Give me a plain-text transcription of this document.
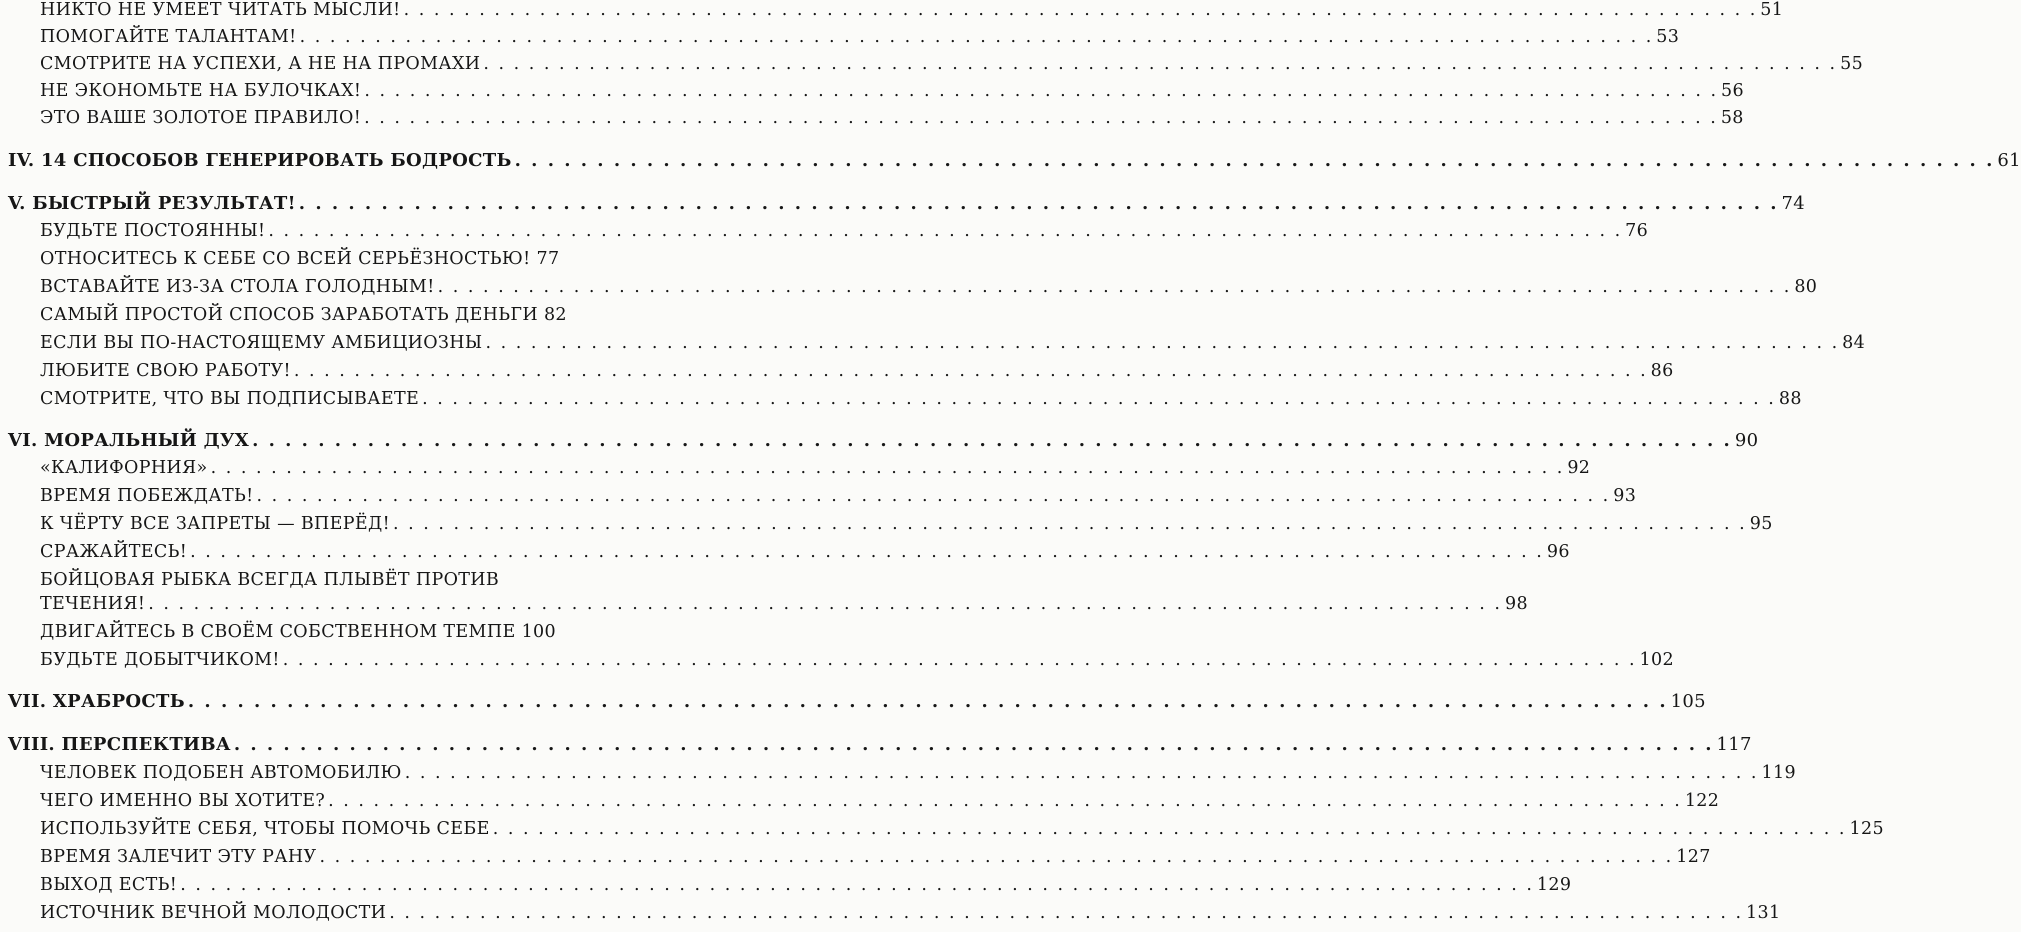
НИКТО НЕ УМЕЕТ ЧИТАТЬ МЫСЛИ! . . .	51
ПОМОГАЙТЕ ТАЛАНТАМ! . . .	53
СМОТРИТЕ НА УСПЕХИ, А НЕ НА ПРОМАХИ . . .	55
НЕ ЭКОНОМЬТЕ НА БУЛОЧКАХ! . . .	56
ЭТО ВАШЕ ЗОЛОТОЕ ПРАВИЛО! . . .	58
IV. 14 СПОСОБОВ ГЕНЕРИРОВАТЬ БОДРОСТЬ . . .	61
V. БЫСТРЫЙ РЕЗУЛЬТАТ! . . .	74
БУДЬТЕ ПОСТОЯННЫ! . . .	76
ОТНОСИТЕСЬ К СЕБЕ СО ВСЕЙ СЕРЬЁЗНОСТЬЮ! 77
ВСТАВАЙТЕ ИЗ-ЗА СТОЛА ГОЛОДНЫМ! . . .	80
САМЫЙ ПРОСТОЙ СПОСОБ ЗАРАБОТАТЬ ДЕНЬГИ 82
ЕСЛИ ВЫ ПО-НАСТОЯЩЕМУ АМБИЦИОЗНЫ . . .	84
ЛЮБИТЕ СВОЮ РАБОТУ! . . .	86
СМОТРИТЕ, ЧТО ВЫ ПОДПИСЫВАЕТЕ . . .	88
VI. МОРАЛЬНЫЙ ДУХ . . .	90
«КАЛИФОРНИЯ» . . .	92
ВРЕМЯ ПОБЕЖДАТЬ! . . .	93
К ЧЁРТУ ВСЕ ЗАПРЕТЫ — ВПЕРЁД! . . .	95
СРАЖАЙТЕСЬ! . . .	96
БОЙЦОВАЯ РЫБКА ВСЕГДА ПЛЫВЁТ ПРОТИВ
ТЕЧЕНИЯ! . . .	98
ДВИГАЙТЕСЬ В СВОЁМ СОБСТВЕННОМ ТЕМПЕ 100
БУДЬТЕ ДОБЫТЧИКОМ! . . .	102
VII. ХРАБРОСТЬ . . .	105
VIII. ПЕРСПЕКТИВА . . .	117
ЧЕЛОВЕК ПОДОБЕН АВТОМОБИЛЮ . . .	119
ЧЕГО ИМЕННО ВЫ ХОТИТЕ? . . .	122
ИСПОЛЬЗУЙТЕ СЕБЯ, ЧТОБЫ ПОМОЧЬ СЕБЕ . . .	125
ВРЕМЯ ЗАЛЕЧИТ ЭТУ РАНУ . . .	127
ВЫХОД ЕСТЬ! . . .	129
ИСТОЧНИК ВЕЧНОЙ МОЛОДОСТИ . . .	131
